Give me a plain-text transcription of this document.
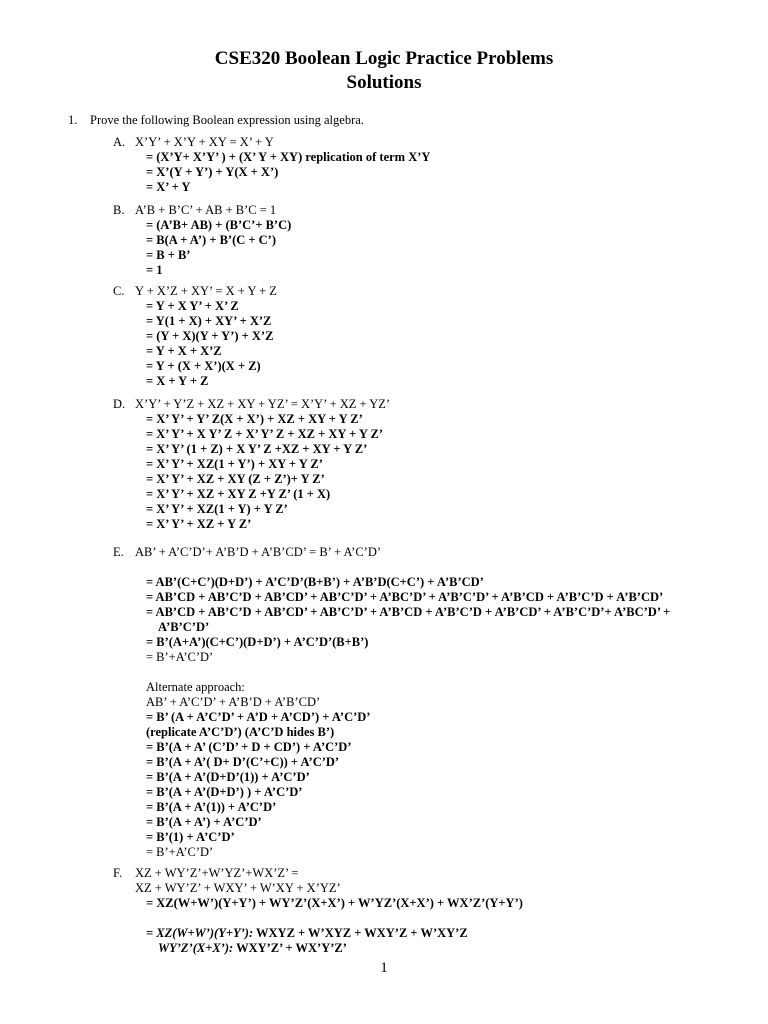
CSE320 Boolean Logic Practice Problems
Solutions
1. Prove the following Boolean expression using algebra.
A. X’Y’ + X’Y + XY = X’ + Y
= (X’Y+ X’Y’ ) + (X’ Y + XY) replication of term X’Y
= X’(Y + Y’) + Y(X + X’)
= X’ + Y
B. A’B + B’C’ + AB + B’C = 1
= (A’B+ AB) + (B’C’+ B’C)
= B(A + A’) + B’(C + C’)
= B + B’
= 1
C. Y + X’Z + XY’ = X + Y + Z
= Y + X Y’ + X’ Z
= Y(1 + X) + XY’ + X’Z
= (Y + X)(Y + Y’) + X’Z
= Y + X + X’Z
= Y + (X + X’)(X + Z)
= X + Y + Z
D. X’Y’ + Y’Z + XZ + XY + YZ’ = X’Y’ + XZ + YZ’
= X’ Y’ + Y’ Z(X + X’) + XZ + XY + Y Z’
= X’ Y’ + X Y’ Z + X’ Y’ Z + XZ + XY + Y Z’
= X’ Y’ (1 + Z) + X Y’ Z +XZ + XY + Y Z’
= X’ Y’ + XZ(1 + Y’) + XY + Y Z’
= X’ Y’ + XZ + XY (Z + Z’)+ Y Z’
= X’ Y’ + XZ + XY Z +Y Z’ (1 + X)
= X’ Y’ + XZ(1 + Y) + Y Z’
= X’ Y’ + XZ + Y Z’
E. AB’ + A’C’D’+ A’B’D + A’B’CD’ = B’ + A’C’D’
= AB’(C+C’)(D+D’) + A’C’D’(B+B’) + A’B’D(C+C’) + A’B’CD’
= AB’CD + AB’C’D + AB’CD’ + AB’C’D’ + A’BC’D’ + A’B’C’D’ + A’B’CD + A’B’C’D + A’B’CD’
= AB’CD + AB’C’D + AB’CD’ + AB’C’D’ + A’B’CD + A’B’C’D + A’B’CD’ + A’B’C’D’+ A’BC’D’ +
A’B’C’D’
= B’(A+A’)(C+C’)(D+D’) + A’C’D’(B+B’)
= B’+A’C’D’
Alternate approach:
AB’ + A’C’D’ + A’B’D + A’B’CD’
= B’ (A + A’C’D’ + A’D + A’CD’) + A’C’D’
(replicate A’C’D’) (A’C’D hides B’)
= B’(A + A’ (C’D’ + D + CD’) + A’C’D’
= B’(A + A’( D+ D’(C’+C)) + A’C’D’
= B’(A + A’(D+D’(1)) + A’C’D’
= B’(A + A’(D+D’) ) + A’C’D’
= B’(A + A’(1)) + A’C’D’
= B’(A + A’) + A’C’D’
= B’(1) + A’C’D’
= B’+A’C’D’
F. XZ + WY’Z’+W’YZ’+WX’Z’ =
XZ + WY’Z’ + WXY’ + W’XY + X’YZ’
= XZ(W+W’)(Y+Y’) + WY’Z’(X+X’) + W’YZ’(X+X’) + WX’Z’(Y+Y’)
= XZ(W+W’)(Y+Y’): WXYZ + W’XYZ + WXY’Z + W’XY’Z
WY’Z’(X+X’): WXY’Z’ + WX’Y’Z’
1
